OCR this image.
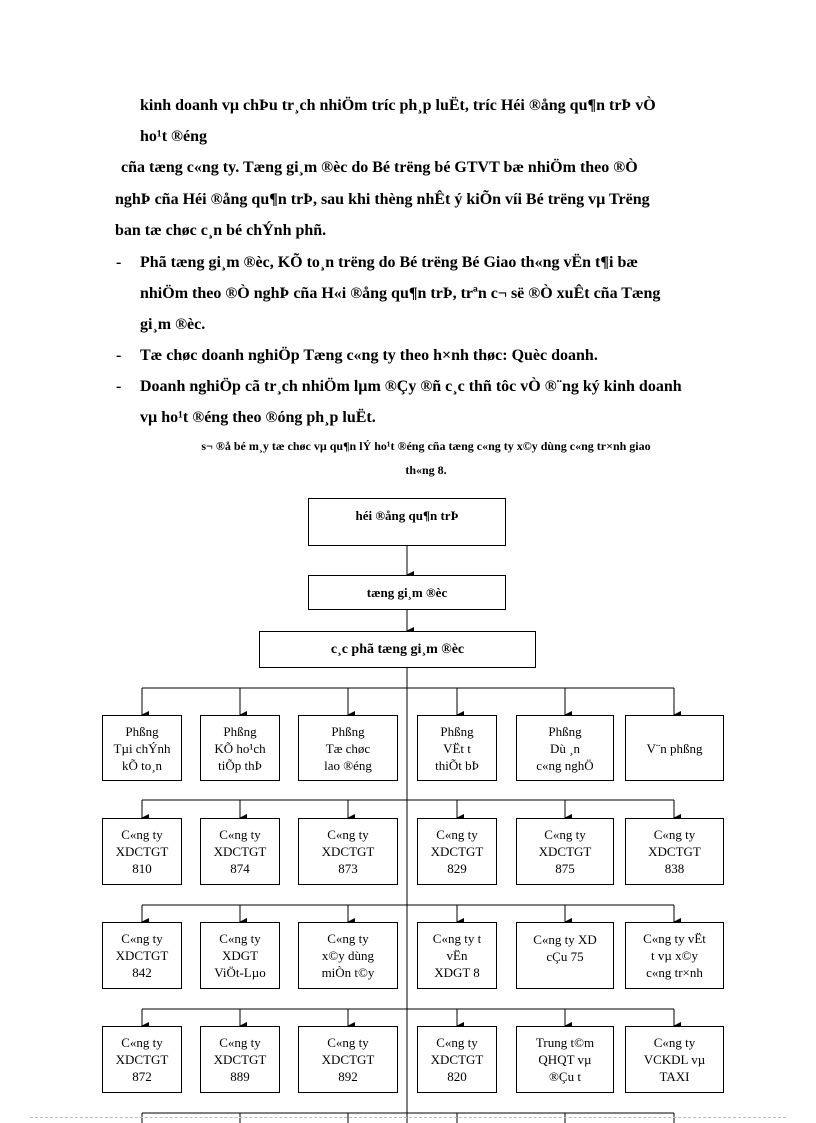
kinh doanh vµ chÞu tr¸ch nhiÖm tríc ph¸p luËt, tríc Héi ®ång qu¶n trÞ vÒ
ho¹t ®éng
cña tæng c«ng ty. Tæng gi¸m ®èc do Bé trëng bé GTVT bæ nhiÖm theo ®Ò
nghÞ cña Héi ®ång qu¶n trÞ, sau khi thèng nhÊt ý kiÕn víi Bé trëng vµ Trëng
ban tæ chøc c¸n bé chÝnh phñ.
- Phã tæng gi¸m ®èc, KÕ to¸n trëng do Bé trëng Bé Giao th«ng vËn t¶i bæ
nhiÖm theo ®Ò nghÞ cña H«i ®ång qu¶n trÞ, trªn c¬ së ®Ò xuÊt cña Tæng
gi¸m ®èc.
- Tæ chøc doanh nghiÖp Tæng c«ng ty theo h×nh thøc: Quèc doanh.
- Doanh nghiÖp cã tr¸ch nhiÖm lµm ®Çy ®ñ c¸c thñ tôc vÒ ®¨ng ký kinh doanh
vµ ho¹t ®éng theo ®óng ph¸p luËt.
s¬ ®å bé m¸y tæ chøc vµ qu¶n lÝ ho¹t ®éng cña tæng c«ng ty x©y dùng c«ng tr×nh giao
th«ng 8.
héi ®ång qu¶n trÞ
tæng gi¸m ®èc
c¸c phã tæng gi¸m ®èc
Phßng
Tµi chÝnh
kÕ to¸n
Phßng
KÕ ho¹ch
tiÕp thÞ
Phßng
Tæ chøc
lao ®éng
Phßng
VËt t
thiÕt bÞ
Phßng
Dù ¸n
c«ng nghÖ
V¨n phßng
C«ng ty
XDCTGT
810
C«ng ty
XDCTGT
874
C«ng ty
XDCTGT
873
C«ng ty
XDCTGT
829
C«ng ty
XDCTGT
875
C«ng ty
XDCTGT
838
C«ng ty
XDCTGT
842
C«ng ty
XDGT
ViÖt-Lµo
C«ng ty
x©y dùng
miÒn t©y
C«ng ty t
vËn
XDGT 8
C«ng ty XD
cÇu 75
C«ng ty vËt
t vµ x©y
c«ng tr×nh
C«ng ty
XDCTGT
872
C«ng ty
XDCTGT
889
C«ng ty
XDCTGT
892
C«ng ty
XDCTGT
820
Trung t©m
QHQT vµ
®Çu t
C«ng ty
VCKDL vµ
TAXI
